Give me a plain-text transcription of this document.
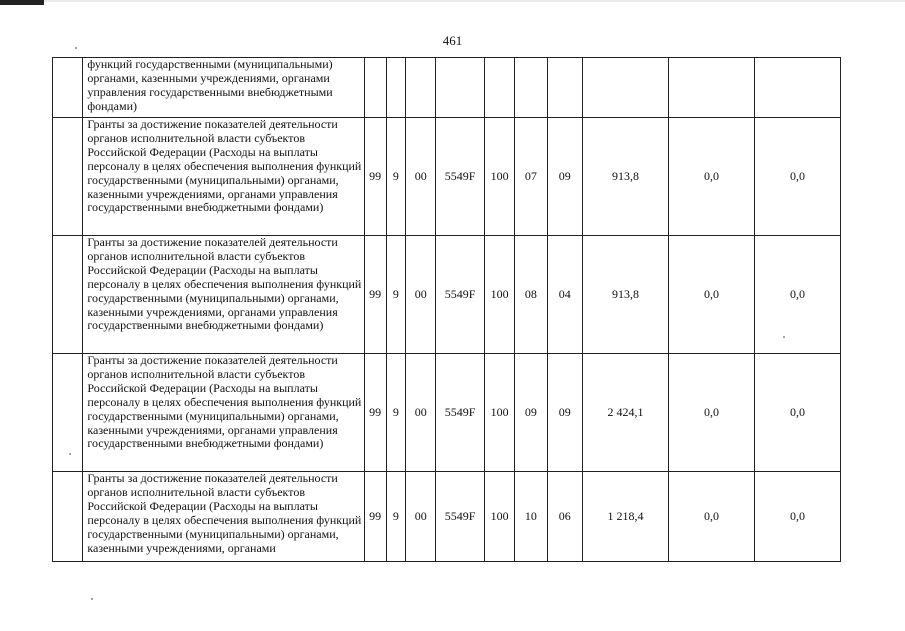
461
	функций государственными (муниципальными) органами, казенными учреждениями, органами управления государственными внебюджетными фондами)										
	Гранты за достижение показателей деятельности органов исполнительной власти субъектов Российской Федерации (Расходы на выплаты персоналу в целях обеспечения выполнения функций государственными (муниципальными) органами, казенными учреждениями, органами управления государственными внебюджетными фондами)	99	9	00	5549F	100	07	09	913,8	0,0	0,0
	Гранты за достижение показателей деятельности органов исполнительной власти субъектов Российской Федерации (Расходы на выплаты персоналу в целях обеспечения выполнения функций государственными (муниципальными) органами, казенными учреждениями, органами управления государственными внебюджетными фондами)	99	9	00	5549F	100	08	04	913,8	0,0	0,0
	Гранты за достижение показателей деятельности органов исполнительной власти субъектов Российской Федерации (Расходы на выплаты персоналу в целях обеспечения выполнения функций государственными (муниципальными) органами, казенными учреждениями, органами управления государственными внебюджетными фондами)	99	9	00	5549F	100	09	09	2 424,1	0,0	0,0
	Гранты за достижение показателей деятельности органов исполнительной власти субъектов Российской Федерации (Расходы на выплаты персоналу в целях обеспечения выполнения функций государственными (муниципальными) органами, казенными учреждениями, органами	99	9	00	5549F	100	10	06	1 218,4	0,0	0,0
